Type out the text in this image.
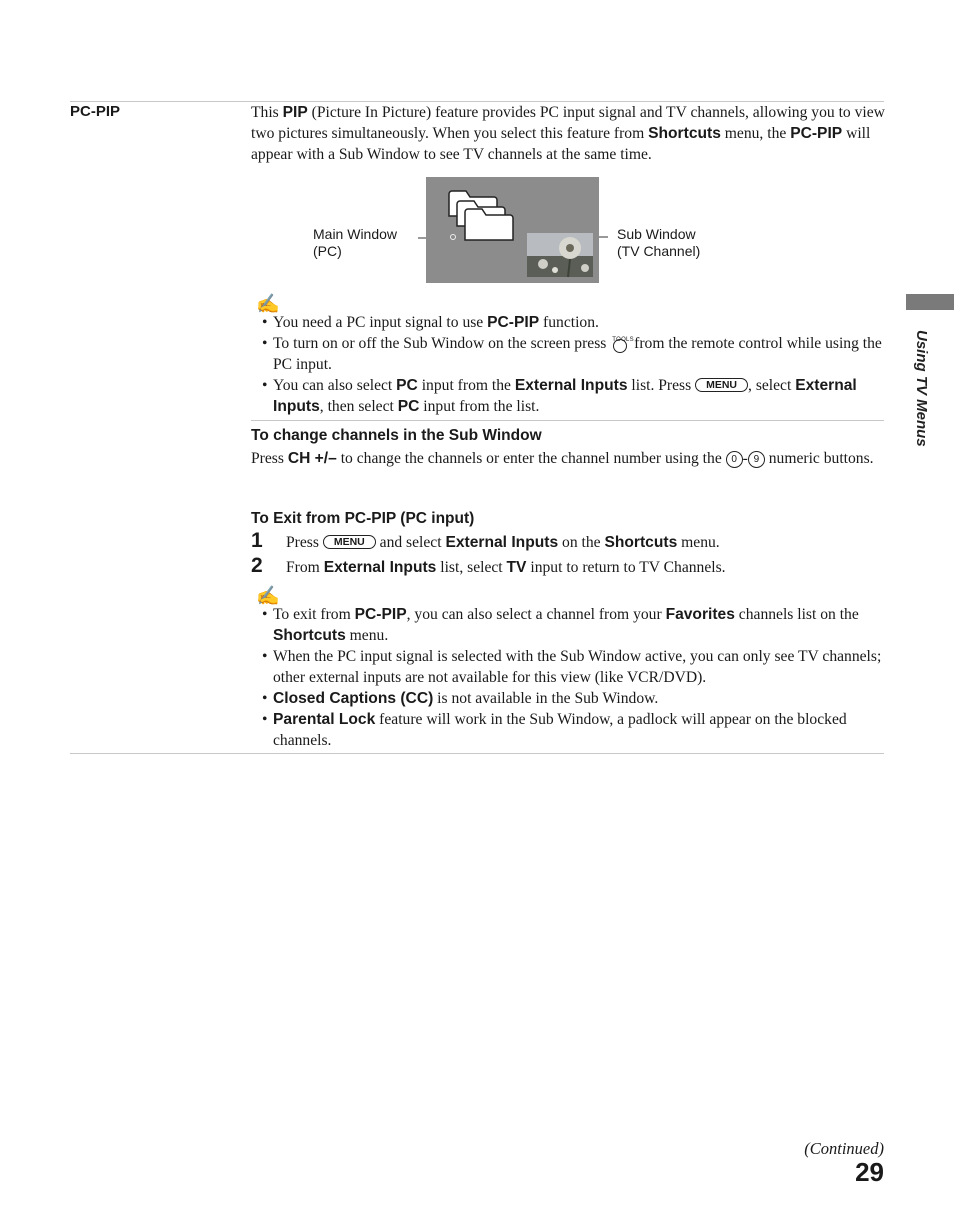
PC-PIP	This PIP (Picture In Picture) feature provides PC input signal and TV channels, allowing you to view two pictures simultaneously. When you select this feature from Shortcuts menu, the PC-PIP will appear with a Sub Window to see TV channels at the same time.
Main Window
(PC)
Sub Window
(TV Channel)
✍
• You need a PC input signal to use PC-PIP function.
• To turn on or off the Sub Window on the screen press TOOLS
from the remote control while using the PC input.
• You can also select PC input from the External Inputs list. Press MENU , select External Inputs, then select PC input from the list.
To change channels in the Sub Window
Press CH +/– to change the channels or enter the channel number using the 0 - 9 numeric buttons.
To Exit from PC-PIP (PC input)
1 Press MENU and select External Inputs on the Shortcuts menu.
2 From External Inputs list, select TV input to return to TV Channels.
✍
• To exit from PC-PIP, you can also select a channel from your Favorites channels list on the Shortcuts menu.
• When the PC input signal is selected with the Sub Window active, you can only see TV channels; other external inputs are not available for this view (like VCR/DVD).
• Closed Captions (CC) is not available in the Sub Window.
• Parental Lock feature will work in the Sub Window, a padlock will appear on the blocked channels.
Using TV Menus
(Continued)
29
